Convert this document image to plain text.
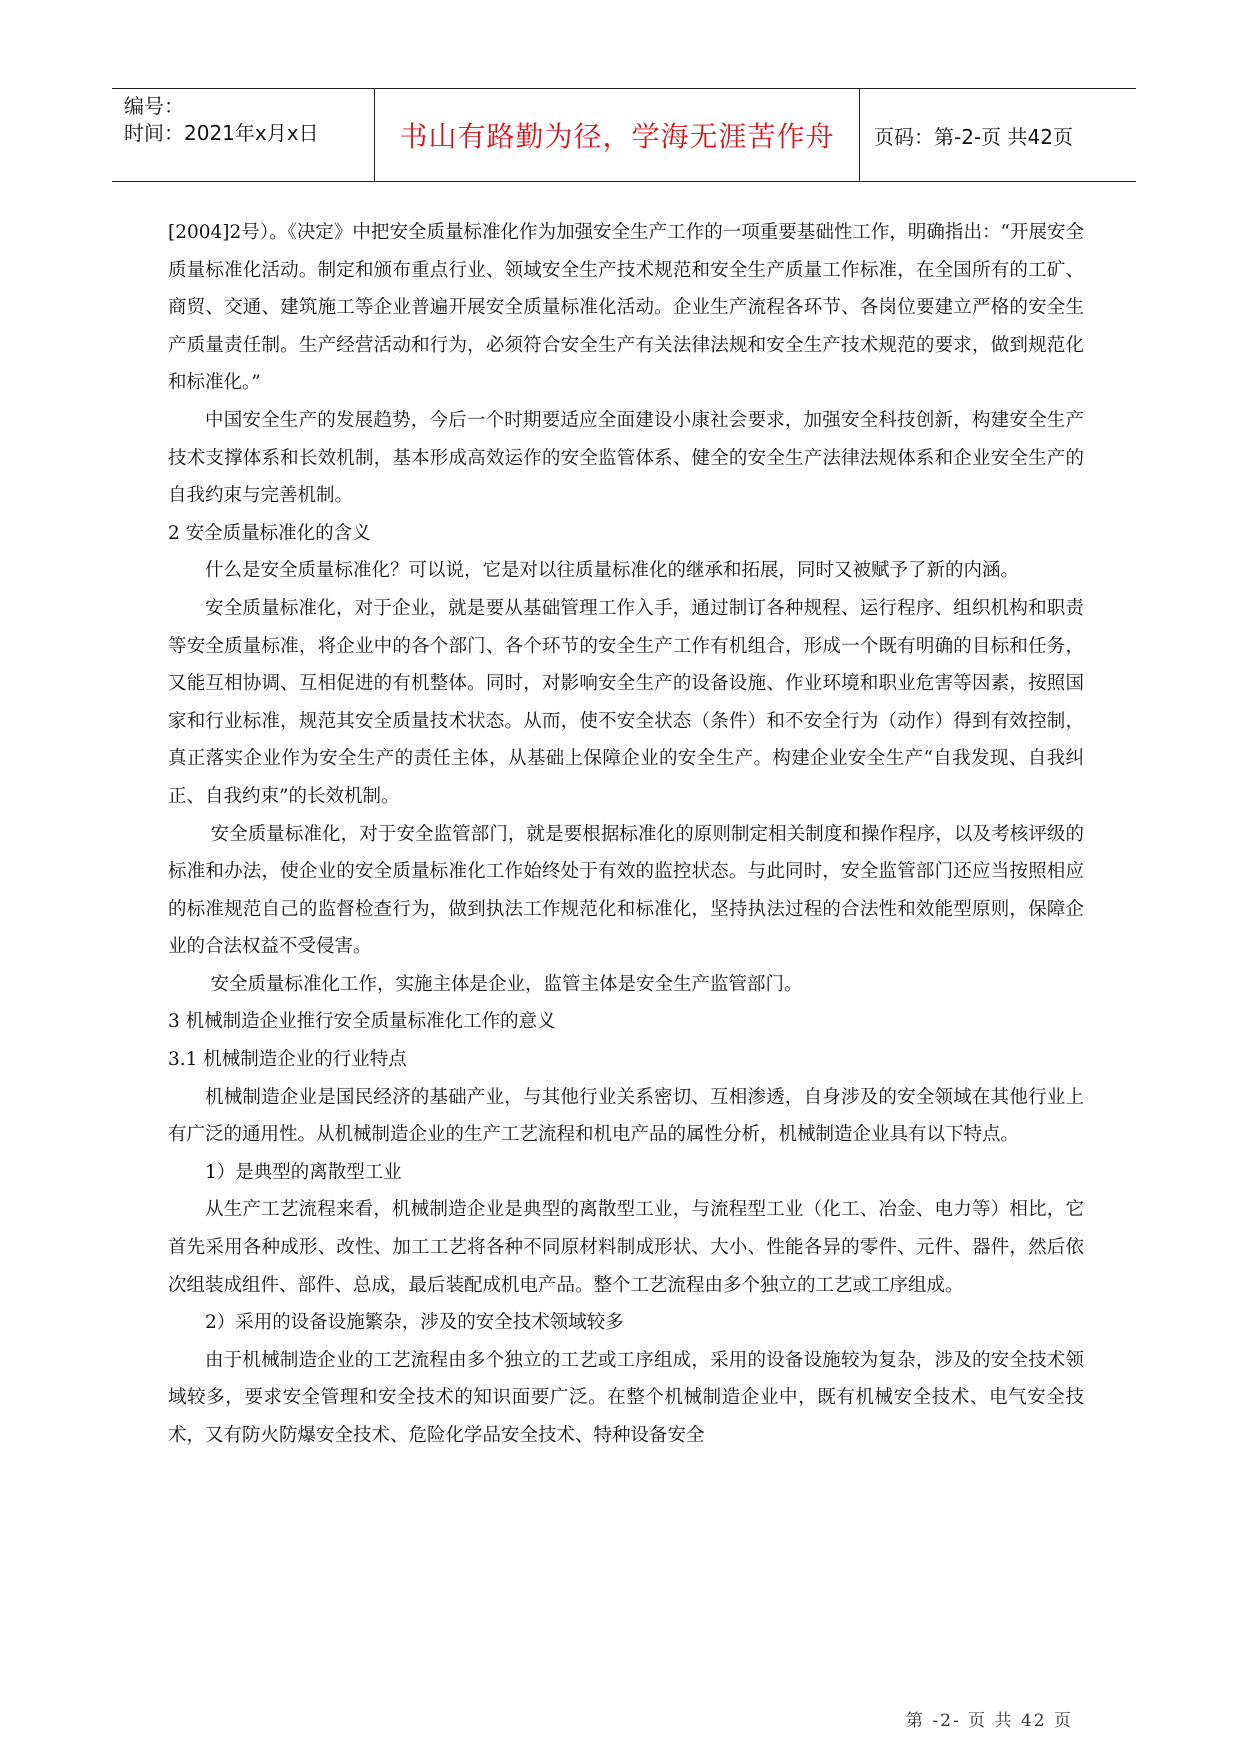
编号：
时间：2021年x月x日	书山有路勤为径，学海无涯苦作舟	页码：第-2-页 共42页

[2004]2号）。《决定》中把安全质量标准化作为加强安全生产工作的一项重要基础性工作，明确指出：“开展安全质量标准化活动。制定和颁布重点行业、领域安全生产技术规范和安全生产质量工作标准，在全国所有的工矿、商贸、交通、建筑施工等企业普遍开展安全质量标准化活动。企业生产流程各环节、各岗位要建立严格的安全生产质量责任制。生产经营活动和行为，必须符合安全生产有关法律法规和安全生产技术规范的要求，做到规范化和标准化。”

中国安全生产的发展趋势，今后一个时期要适应全面建设小康社会要求，加强安全科技创新，构建安全生产技术支撑体系和长效机制，基本形成高效运作的安全监管体系、健全的安全生产法律法规体系和企业安全生产的自我约束与完善机制。

2 安全质量标准化的含义

什么是安全质量标准化？可以说，它是对以往质量标准化的继承和拓展，同时又被赋予了新的内涵。

安全质量标准化，对于企业，就是要从基础管理工作入手，通过制订各种规程、运行程序、组织机构和职责等安全质量标准，将企业中的各个部门、各个环节的安全生产工作有机组合，形成一个既有明确的目标和任务，又能互相协调、互相促进的有机整体。同时，对影响安全生产的设备设施、作业环境和职业危害等因素，按照国家和行业标准，规范其安全质量技术状态。从而，使不安全状态（条件）和不安全行为（动作）得到有效控制，真正落实企业作为安全生产的责任主体，从基础上保障企业的安全生产。构建企业安全生产“自我发现、自我纠正、自我约束”的长效机制。

安全质量标准化，对于安全监管部门，就是要根据标准化的原则制定相关制度和操作程序，以及考核评级的标准和办法，使企业的安全质量标准化工作始终处于有效的监控状态。与此同时，安全监管部门还应当按照相应的标准规范自己的监督检查行为，做到执法工作规范化和标准化，坚持执法过程的合法性和效能型原则，保障企业的合法权益不受侵害。

安全质量标准化工作，实施主体是企业，监管主体是安全生产监管部门。

3 机械制造企业推行安全质量标准化工作的意义

3.1 机械制造企业的行业特点

机械制造企业是国民经济的基础产业，与其他行业关系密切、互相渗透，自身涉及的安全领域在其他行业上有广泛的通用性。从机械制造企业的生产工艺流程和机电产品的属性分析，机械制造企业具有以下特点。

1）是典型的离散型工业

从生产工艺流程来看，机械制造企业是典型的离散型工业，与流程型工业（化工、冶金、电力等）相比，它首先采用各种成形、改性、加工工艺将各种不同原材料制成形状、大小、性能各异的零件、元件、器件，然后依次组装成组件、部件、总成，最后装配成机电产品。整个工艺流程由多个独立的工艺或工序组成。

2）采用的设备设施繁杂，涉及的安全技术领域较多

由于机械制造企业的工艺流程由多个独立的工艺或工序组成，采用的设备设施较为复杂，涉及的安全技术领域较多，要求安全管理和安全技术的知识面要广泛。在整个机械制造企业中，既有机械安全技术、电气安全技术，又有防火防爆安全技术、危险化学品安全技术、特种设备安全

第 -2- 页 共 42 页
